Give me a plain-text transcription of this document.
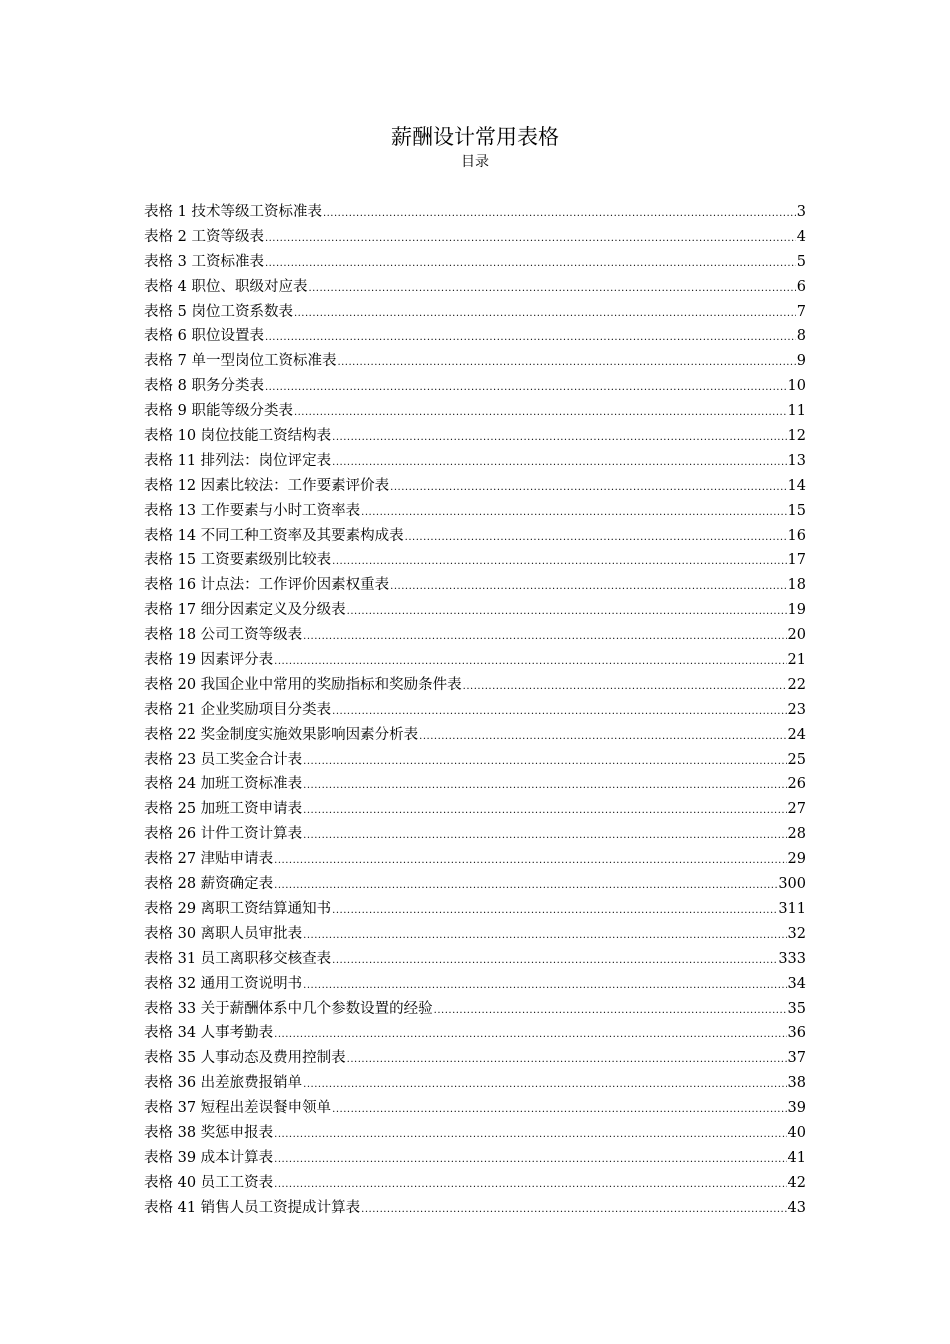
薪酬设计常用表格
目录
表格 1 技术等级工资标准表 .....	3
表格 2 工资等级表 .....	4
表格 3 工资标准表 .....	5
表格 4 职位、职级对应表 .....	6
表格 5 岗位工资系数表 .....	7
表格 6 职位设置表 .....	8
表格 7 单一型岗位工资标准表 .....	9
表格 8 职务分类表 .....	10
表格 9 职能等级分类表 .....	11
表格 10 岗位技能工资结构表 .....	12
表格 11 排列法：岗位评定表 .....	13
表格 12 因素比较法：工作要素评价表 .....	14
表格 13 工作要素与小时工资率表 .....	15
表格 14 不同工种工资率及其要素构成表 .....	16
表格 15 工资要素级别比较表 .....	17
表格 16 计点法：工作评价因素权重表 .....	18
表格 17 细分因素定义及分级表 .....	19
表格 18 公司工资等级表 .....	20
表格 19 因素评分表 .....	21
表格 20 我国企业中常用的奖励指标和奖励条件表 .....	22
表格 21 企业奖励项目分类表 .....	23
表格 22 奖金制度实施效果影响因素分析表 .....	24
表格 23 员工奖金合计表 .....	25
表格 24 加班工资标准表 .....	26
表格 25 加班工资申请表 .....	27
表格 26 计件工资计算表 .....	28
表格 27 津贴申请表 .....	29
表格 28 薪资确定表 .....	300
表格 29 离职工资结算通知书 .....	311
表格 30 离职人员审批表 .....	32
表格 31 员工离职移交核查表 .....	333
表格 32 通用工资说明书 .....	34
表格 33 关于薪酬体系中几个参数设置的经验 .....	35
表格 34 人事考勤表 .....	36
表格 35 人事动态及费用控制表 .....	37
表格 36 出差旅费报销单 .....	38
表格 37 短程出差误餐申领单 .....	39
表格 38 奖惩申报表 .....	40
表格 39 成本计算表 .....	41
表格 40 员工工资表 .....	42
表格 41 销售人员工资提成计算表 .....	43
